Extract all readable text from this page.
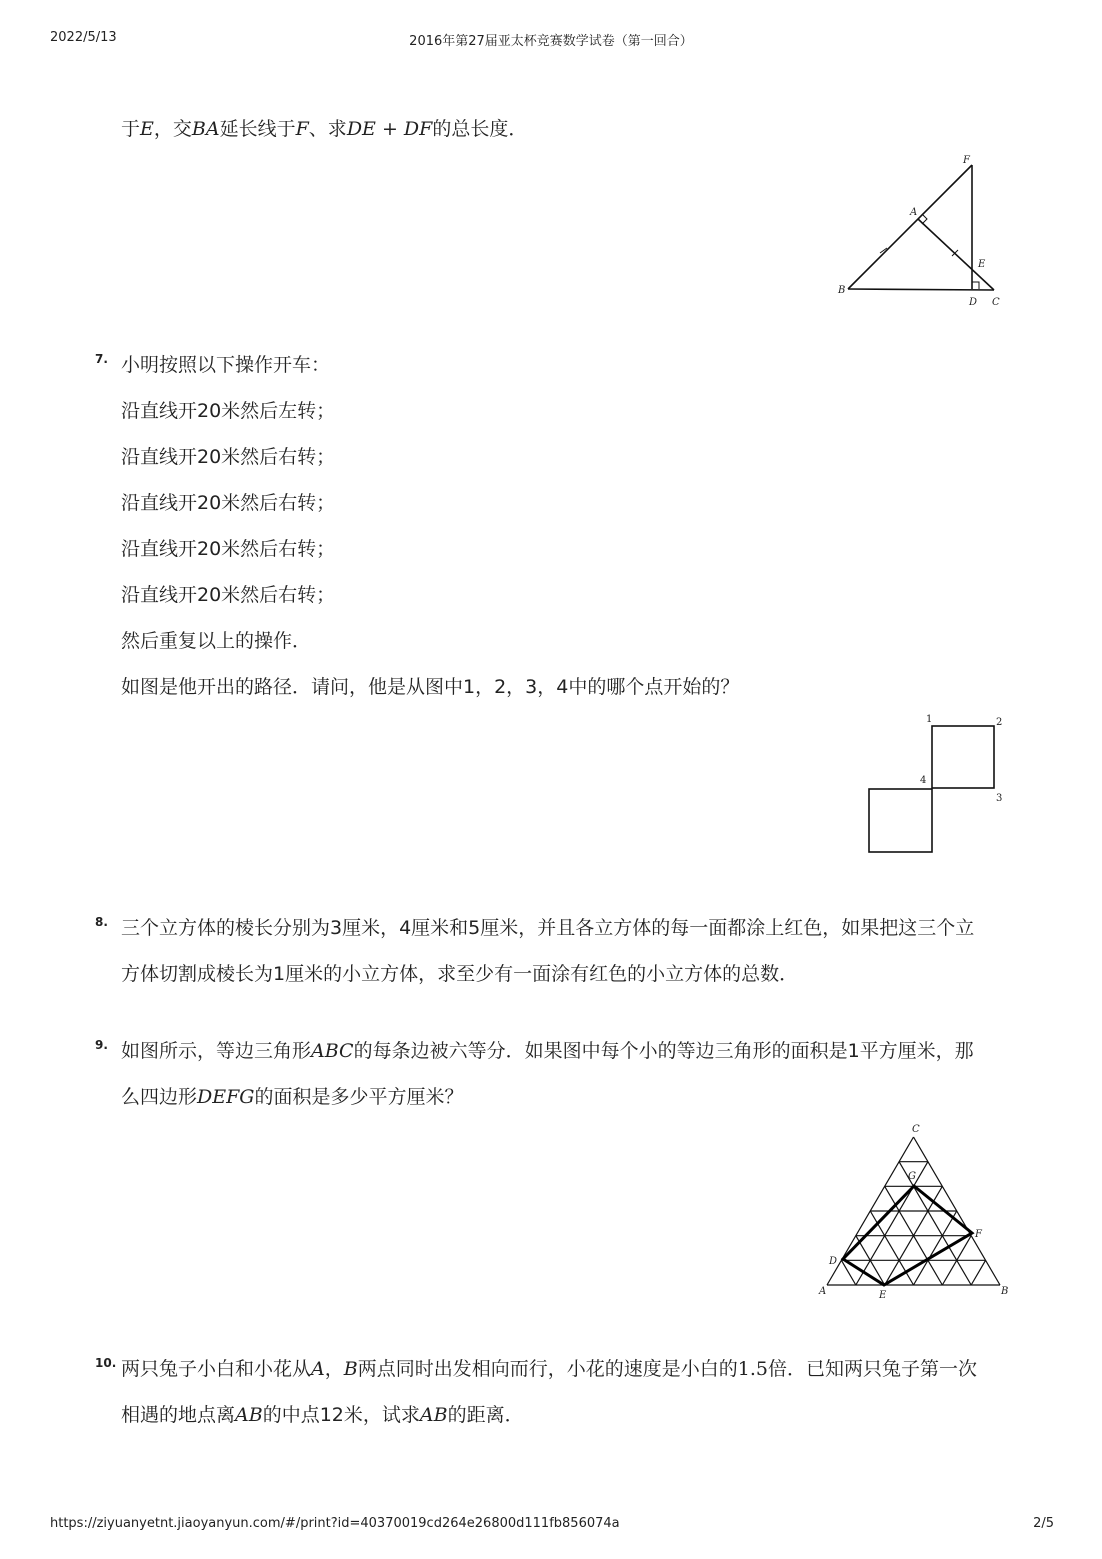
2022/5/13	2016年第27届亚太杯竞赛数学试卷（第一回合）
于E，交BA延长线于F、求DE + DF的总长度．
F
A
E
B
D C
7. 小明按照以下操作开车：
沿直线开20米然后左转；
沿直线开20米然后右转；
沿直线开20米然后右转；
沿直线开20米然后右转；
沿直线开20米然后右转；
然后重复以上的操作．
如图是他开出的路径．请问，他是从图中1，2，3，4中的哪个点开始的？
1	2
3
4
8. 三个立方体的棱长分别为3厘米，4厘米和5厘米，并且各立方体的每一面都涂上红色，如果把这三个立
方体切割成棱长为1厘米的小立方体，求至少有一面涂有红色的小立方体的总数．
9. 如图所示，等边三角形ABC的每条边被六等分．如果图中每个小的等边三角形的面积是1平方厘米，那
么四边形DEFG的面积是多少平方厘米？
A	B
C
D
E
F
G
10. 两只兔子小白和小花从A，B两点同时出发相向而行，小花的速度是小白的1.5倍．已知两只兔子第一次
相遇的地点离AB的中点12米，试求AB的距离．
https://ziyuanyetnt.jiaoyanyun.com/#/print?id=40370019cd264e26800d111fb856074a	2/5
